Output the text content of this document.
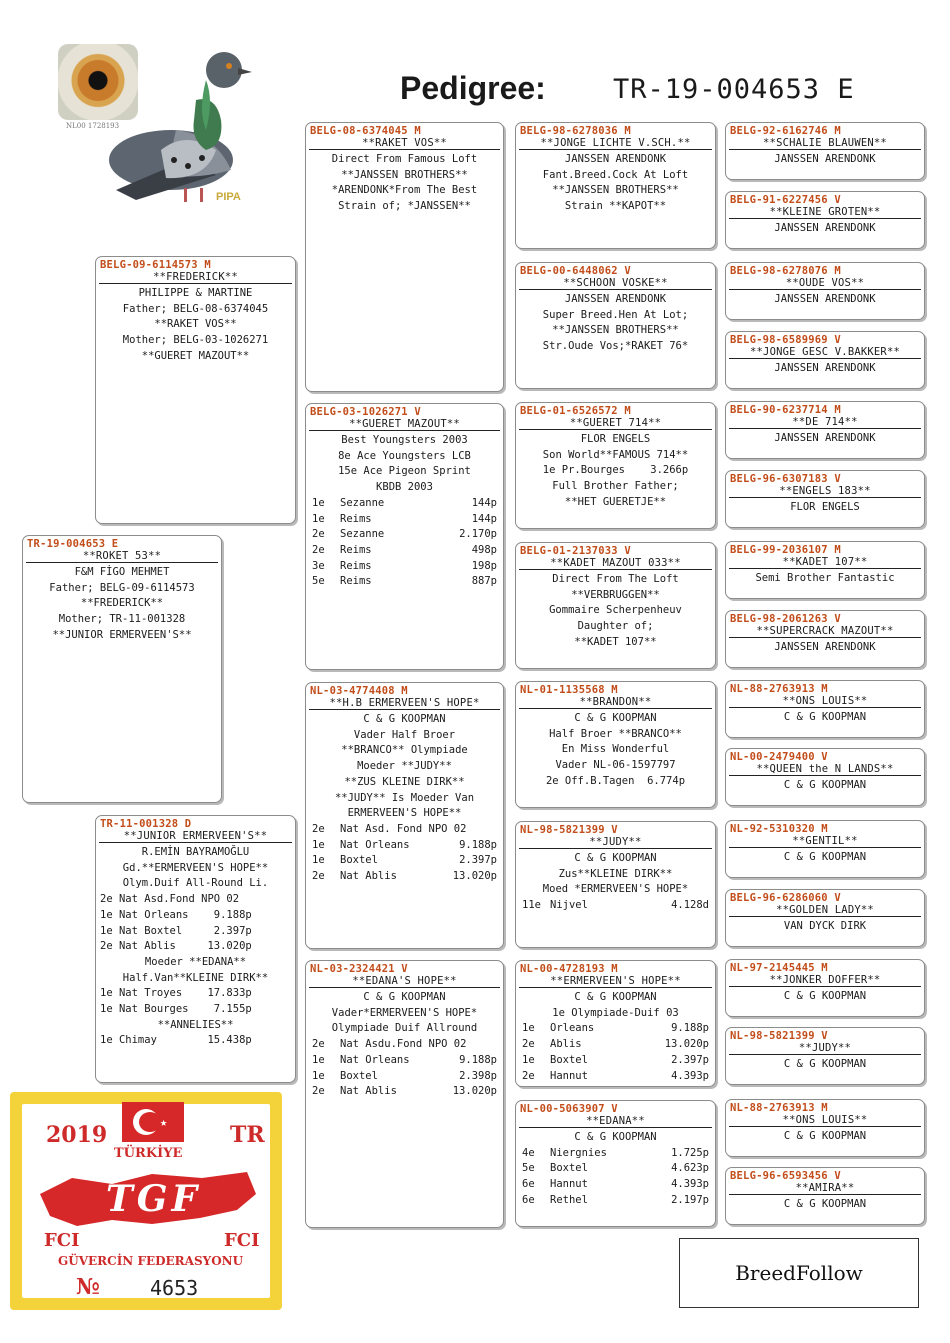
NL00 1728193
PIPA
Pedigree: TR-19-004653 E
TR-19-004653 E
**ROKET 53**
F&M FİGO MEHMET
Father; BELG-09-6114573
**FREDERICK**
Mother; TR-11-001328
**JUNIOR ERMERVEEN'S**
BELG-09-6114573 M
**FREDERICK**
PHILIPPE & MARTINE
Father; BELG-08-6374045
**RAKET VOS**
Mother; BELG-03-1026271
**GUERET MAZOUT**
TR-11-001328 D
**JUNIOR ERMERVEEN'S**
R.EMİN BAYRAMOĞLU
Gd.**ERMERVEEN'S HOPE**
Olym.Duif All-Round Li.
2e Nat Asd.Fond NPO 02
1e Nat Orleans    9.188p
1e Nat Boxtel     2.397p
2e Nat Ablis     13.020p
Moeder **EDANA**
Half.Van**KLEINE DIRK**
1e Nat Troyes    17.833p
1e Nat Bourges    7.155p
**ANNELIES**
1e Chimay        15.438p
BELG-08-6374045 M
**RAKET VOS**
Direct From Famous Loft
**JANSSEN BROTHERS**
*ARENDONK*From The Best
Strain of; *JANSSEN**
BELG-03-1026271 V
**GUERET MAZOUT**
Best Youngsters 2003
8e Ace Youngsters LCB
15e Ace Pigeon Sprint
KBDB 2003
1e	Sezanne	144p
1e	Reims	144p
2e	Sezanne	2.170p
2e	Reims	498p
3e	Reims	198p
5e	Reims	887p
NL-03-4774408 M
**H.B ERMERVEEN'S HOPE*
C & G KOOPMAN
Vader Half Broer
**BRANCO** Olympiade
Moeder **JUDY**
**ZUS KLEINE DIRK**
**JUDY** Is Moeder Van
ERMERVEEN'S HOPE**
2e	Nat Asd. Fond NPO 02
1e	Nat Orleans	9.188p
1e	Boxtel	2.397p
2e	Nat Ablis	13.020p
NL-03-2324421 V
**EDANA'S HOPE**
C & G KOOPMAN
Vader*ERMERVEEN'S HOPE*
Olympiade Duif Allround
2e	Nat Asdu.Fond NPO 02
1e	Nat Orleans	9.188p
1e	Boxtel	2.398p
2e	Nat Ablis	13.020p
BELG-98-6278036 M
**JONGE LICHTE V.SCH.**
JANSSEN ARENDONK
Fant.Breed.Cock At Loft
**JANSSEN BROTHERS**
Strain **KAPOT**
BELG-00-6448062 V
**SCHOON VOSKE**
JANSSEN ARENDONK
Super Breed.Hen At Lot;
**JANSSEN BROTHERS**
Str.Oude Vos;*RAKET 76*
BELG-01-6526572 M
**GUERET 714**
FLOR ENGELS
Son World**FAMOUS 714**
1e Pr.Bourges    3.266p
Full Brother Father;
**HET GUERETJE**
BELG-01-2137033 V
**KADET MAZOUT 033**
Direct From The Loft
**VERBRUGGEN**
Gommaire Scherpenheuv
Daughter of;
**KADET 107**
NL-01-1135568 M
**BRANDON**
C & G KOOPMAN
Half Broer **BRANCO**
En Miss Wonderful
Vader NL-06-1597797
2e Off.B.Tagen  6.774p
NL-98-5821399 V
**JUDY**
C & G KOOPMAN
Zus**KLEINE DIRK**
Moed *ERMERVEEN'S HOPE*
11e Nijvel	4.128d
NL-00-4728193 M
**ERMERVEEN'S HOPE**
C & G KOOPMAN
1e Olympiade-Duif 03
1e	Orleans	9.188p
2e	Ablis	13.020p
1e	Boxtel	2.397p
2e	Hannut	4.393p
NL-00-5063907 V
**EDANA**
C & G KOOPMAN
4e	Niergnies	1.725p
5e	Boxtel	4.623p
6e	Hannut	4.393p
6e	Rethel	2.197p
BELG-92-6162746 M
**SCHALIE BLAUWEN**
JANSSEN ARENDONK
BELG-91-6227456 V
**KLEINE GROTEN**
JANSSEN ARENDONK
BELG-98-6278076 M
**OUDE VOS**
JANSSEN ARENDONK
BELG-98-6589969 V
**JONGE GESC V.BAKKER**
JANSSEN ARENDONK
BELG-90-6237714 M
**DE 714**
JANSSEN ARENDONK
BELG-96-6307183 V
**ENGELS 183**
FLOR ENGELS
BELG-99-2036107 M
**KADET 107**
Semi Brother Fantastic
BELG-98-2061263 V
**SUPERCRACK MAZOUT**
JANSSEN ARENDONK
NL-88-2763913 M
**ONS LOUIS**
C & G KOOPMAN
NL-00-2479400 V
**QUEEN the N LANDS**
C & G KOOPMAN
NL-92-5310320 M
**GENTIL**
C & G KOOPMAN
BELG-96-6286060 V
**GOLDEN LADY**
VAN DYCK DIRK
NL-97-2145445 M
**JONKER DOFFER**
C & G KOOPMAN
NL-98-5821399 V
**JUDY**
C & G KOOPMAN
NL-88-2763913 M
**ONS LOUIS**
C & G KOOPMAN
BELG-96-6593456 V
**AMIRA**
C & G KOOPMAN
2019	★	TR
TÜRKİYE
TGF
FCI	FCI
GÜVERCİN FEDERASYONU
№	4653
BreedFollow
